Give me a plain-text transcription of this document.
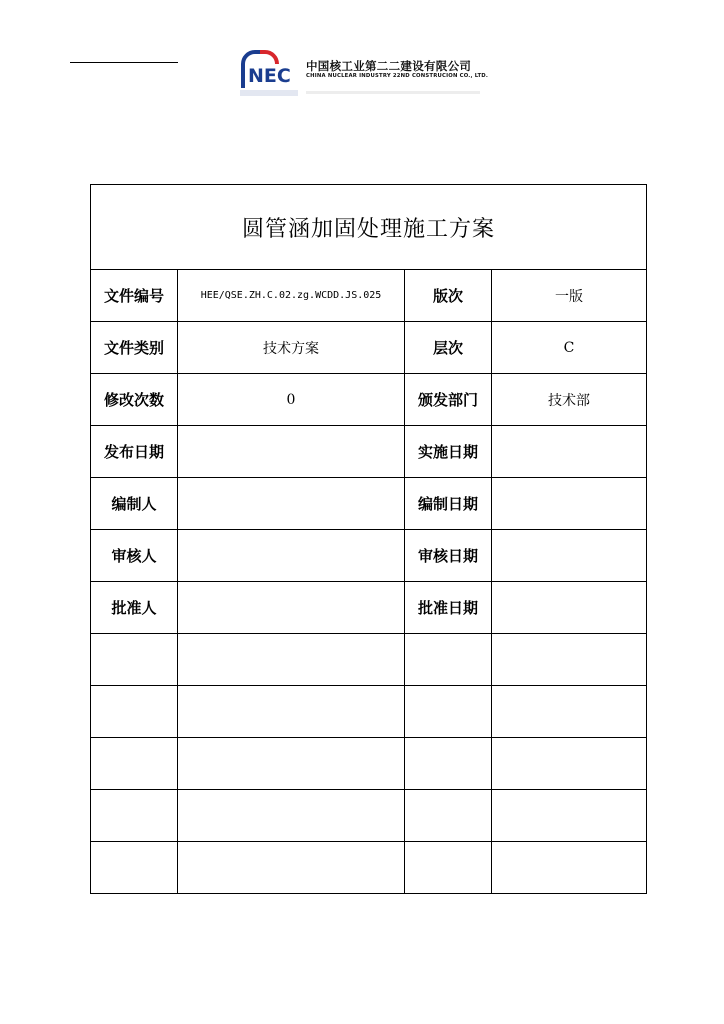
NEC 中国核工业第二二建设有限公司
CHINA NUCLEAR INDUSTRY 22ND CONSTRUCION CO., LTD.
圆管涵加固处理施工方案			
文件编号	HEE/QSE.ZH.C.02.zg.WCDD.JS.025	版次	一版
文件类别	技术方案	层次	C
修改次数	0	颁发部门	技术部
发布日期		实施日期	
编制人		编制日期	
审核人		审核日期	
批准人		批准日期	
